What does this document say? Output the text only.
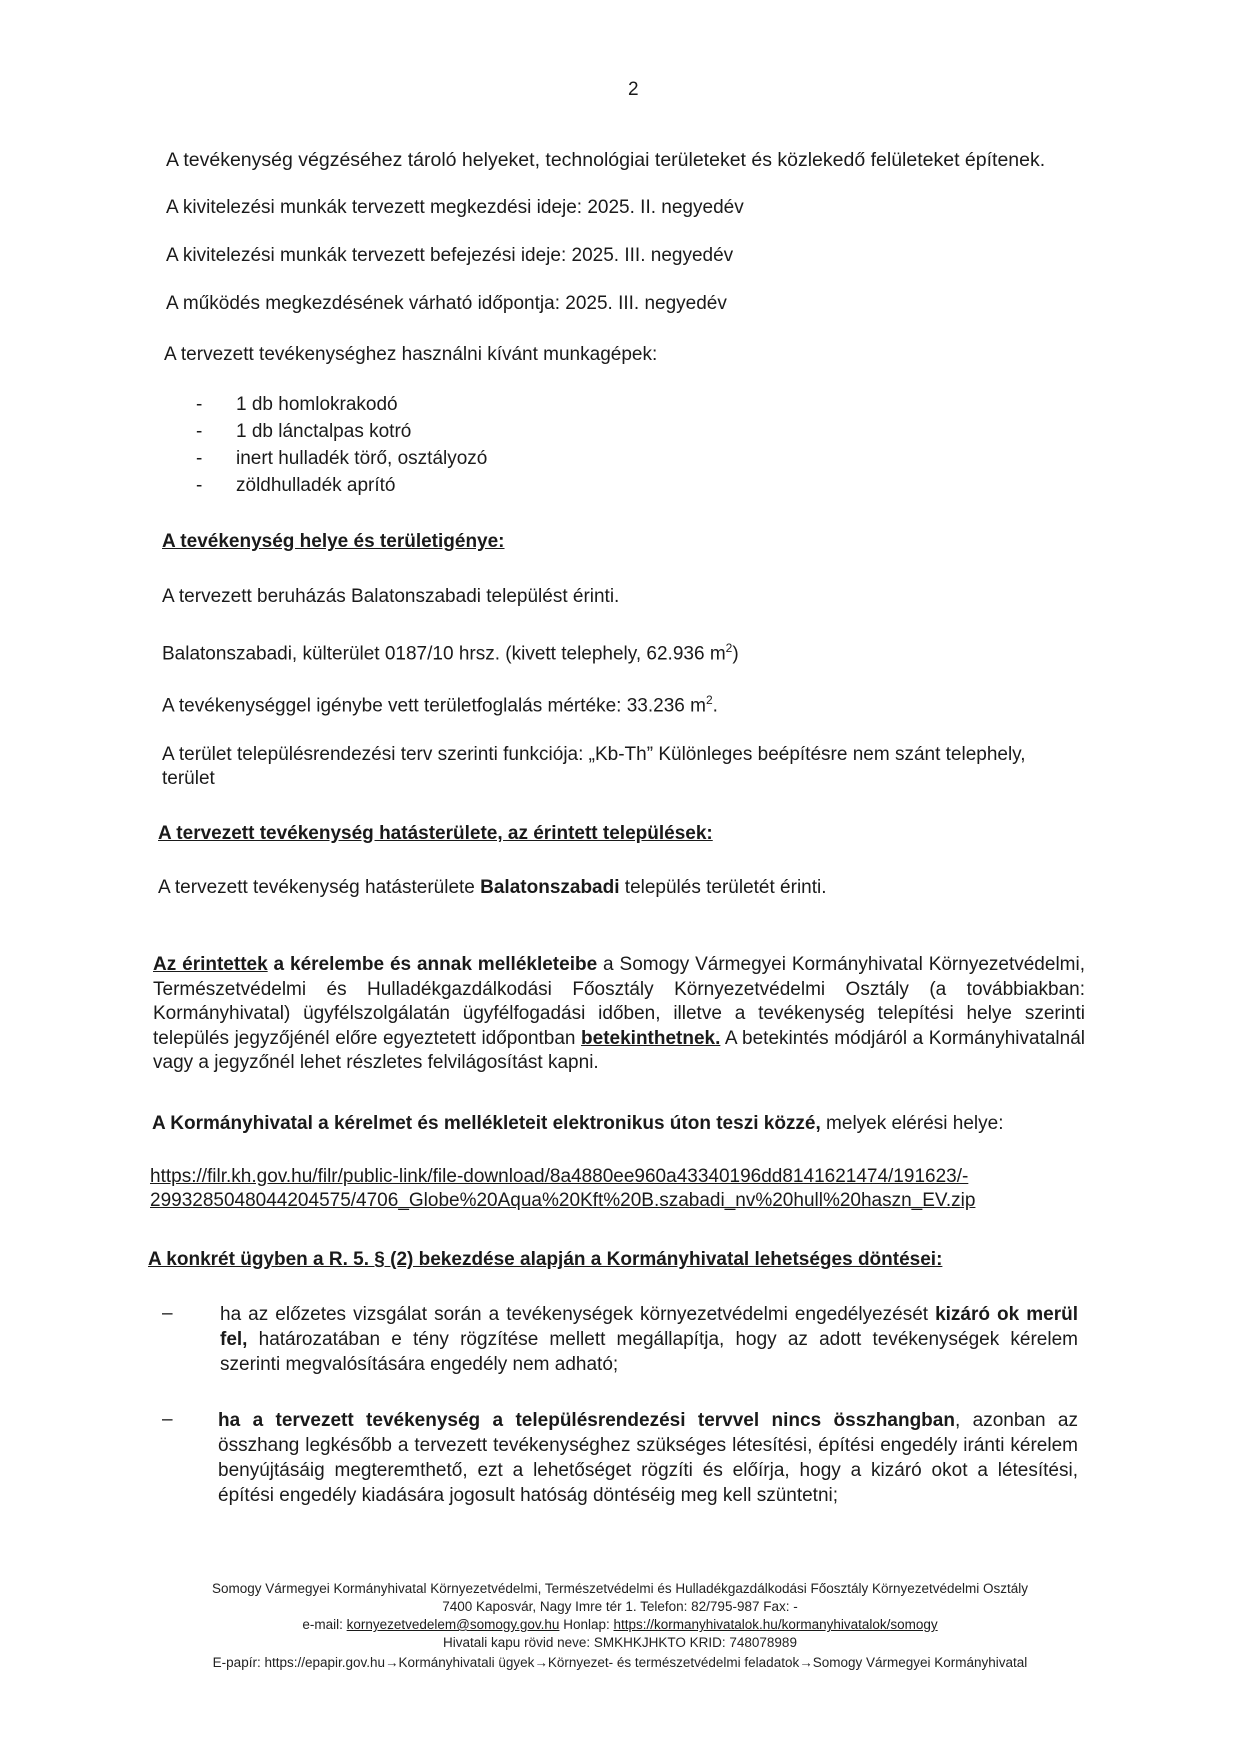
2
A tevékenység végzéséhez tároló helyeket, technológiai területeket és közlekedő felületeket építenek.
A kivitelezési munkák tervezett megkezdési ideje: 2025. II. negyedév
A kivitelezési munkák tervezett befejezési ideje: 2025. III. negyedév
A működés megkezdésének várható időpontja: 2025. III. negyedév
A tervezett tevékenységhez használni kívánt munkagépek:
- 1 db homlokrakodó
- 1 db lánctalpas kotró
- inert hulladék törő, osztályozó
- zöldhulladék aprító
A tevékenység helye és területigénye:
A tervezett beruházás Balatonszabadi települést érinti.
Balatonszabadi, külterület 0187/10 hrsz. (kivett telephely, 62.936 $m^2$)
A tevékenységgel igénybe vett területfoglalás mértéke: 33.236 $m^2$.
A terület településrendezési terv szerinti funkciója: „Kb-Th” Különleges beépítésre nem szánt telephely,
terület
A tervezett tevékenység hatásterülete, az érintett települések:
A tervezett tevékenység hatásterülete Balatonszabadi település területét érinti.
Az érintettek a kérelembe és annak mellékleteibe a Somogy Vármegyei Kormányhivatal Környezetvédelmi, Természetvédelmi és Hulladékgazdálkodási Főosztály Környezetvédelmi Osztály (a továbbiakban: Kormányhivatal) ügyfélszolgálatán ügyfélfogadási időben, illetve a tevékenység telepítési helye szerinti település jegyzőjénél előre egyeztetett időpontban betekinthetnek. A betekintés módjáról a Kormányhivatalnál vagy a jegyzőnél lehet részletes felvilágosítást kapni.
A Kormányhivatal a kérelmet és mellékleteit elektronikus úton teszi közzé, melyek elérési helye:
https://filr.kh.gov.hu/filr/public-link/file-download/8a4880ee960a43340196dd8141621474/191623/-
2993285048044204575/4706_Globe%20Aqua%20Kft%20B.szabadi_nv%20hull%20haszn_EV.zip
A konkrét ügyben a R. 5. § (2) bekezdése alapján a Kormányhivatal lehetséges döntései:
– ha az előzetes vizsgálat során a tevékenységek környezetvédelmi engedélyezését kizáró ok merül fel, határozatában e tény rögzítése mellett megállapítja, hogy az adott tevékenységek kérelem szerinti megvalósítására engedély nem adható;
– ha a tervezett tevékenység a településrendezési tervvel nincs összhangban, azonban az összhang legkésőbb a tervezett tevékenységhez szükséges létesítési, építési engedély iránti kérelem benyújtásáig megteremthető, ezt a lehetőséget rögzíti és előírja, hogy a kizáró okot a létesítési, építési engedély kiadására jogosult hatóság döntéséig meg kell szüntetni;
Somogy Vármegyei Kormányhivatal Környezetvédelmi, Természetvédelmi és Hulladékgazdálkodási Főosztály Környezetvédelmi Osztály
7400 Kaposvár, Nagy Imre tér 1. Telefon: 82/795-987 Fax: -
e-mail: kornyezetvedelem@somogy.gov.hu Honlap: https://kormanyhivatalok.hu/kormanyhivatalok/somogy
Hivatali kapu rövid neve: SMKHKJHKTO KRID: 748078989
E-papír: https://epapir.gov.hu→Kormányhivatali ügyek→Környezet- és természetvédelmi feladatok→Somogy Vármegyei Kormányhivatal
